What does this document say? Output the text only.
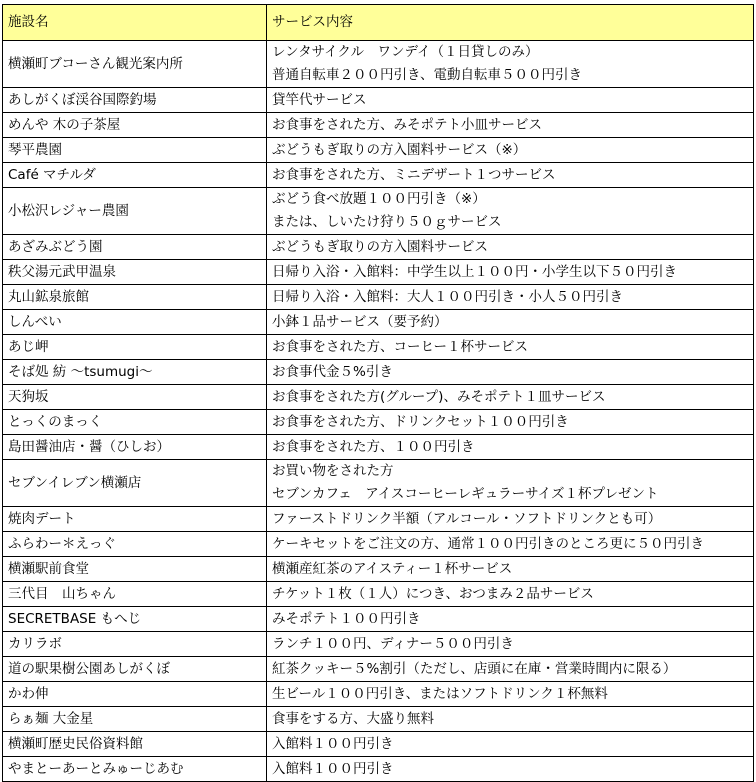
施設名	サービス内容
横瀬町ブコーさん観光案内所	レンタサイクル　ワンデイ（１日貸しのみ）
普通自転車２００円引き、電動自転車５００円引き

あしがくぼ渓谷国際釣場	貸竿代サービス

めんや 木の子茶屋	お食事をされた方、みそポテト小皿サービス

琴平農園	ぶどうもぎ取りの方入園料サービス（※）

Café マチルダ	お食事をされた方、ミニデザート１つサービス

小松沢レジャー農園	ぶどう食べ放題１００円引き（※）
または、しいたけ狩り５０ｇサービス

あざみぶどう園	ぶどうもぎ取りの方入園料サービス

秩父湯元武甲温泉	日帰り入浴・入館料：中学生以上１００円・小学生以下５０円引き

丸山鉱泉旅館	日帰り入浴・入館料：大人１００円引き・小人５０円引き

しんべい	小鉢１品サービス（要予約）

あじ岬	お食事をされた方、コーヒー１杯サービス

そば処 紡 ～tsumugi～	お食事代金５%引き

天狗坂	お食事をされた方(グループ)、みそポテト１皿サービス

とっくのまっく	お食事をされた方、ドリンクセット１００円引き

島田醤油店・醤（ひしお）	お食事をされた方、１００円引き

セブンイレブン横瀬店	お買い物をされた方
セブンカフェ　アイスコーヒーレギュラーサイズ１杯プレゼント

焼肉デート	ファーストドリンク半額（アルコール・ソフトドリンクとも可）

ふらわー＊えっぐ	ケーキセットをご注文の方、通常１００円引きのところ更に５０円引き

横瀬駅前食堂	横瀬産紅茶のアイスティー１杯サービス

三代目　山ちゃん	チケット１枚（１人）につき、おつまみ２品サービス

SECRETBASE もへじ	みそポテト１００円引き

カリラボ	ランチ１００円、ディナー５００円引き

道の駅果樹公園あしがくぼ	紅茶クッキー５%割引（ただし、店頭に在庫・営業時間内に限る）

かわ伸	生ビール１００円引き、またはソフトドリンク１杯無料

らぁ麺 大金星	食事をする方、大盛り無料

横瀬町歴史民俗資料館	入館料１００円引き

やまとーあーとみゅーじあむ	入館料１００円引き
